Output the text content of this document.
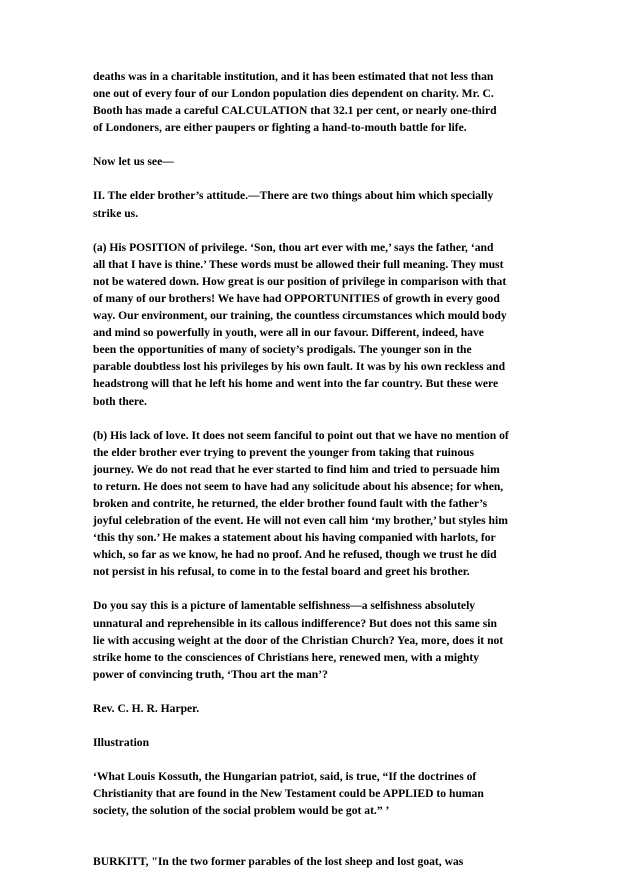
deaths was in a charitable institution, and it has been estimated that not less than
one out of every four of our London population dies dependent on charity. Mr. C.
Booth has made a careful CALCULATION that 32.1 per cent, or nearly one-third
of Londoners, are either paupers or fighting a hand-to-mouth battle for life.
Now let us see—
II. The elder brother’s attitude.—There are two things about him which specially
strike us.
(a) His POSITION of privilege. ‘Son, thou art ever with me,’ says the father, ‘and
all that I have is thine.’ These words must be allowed their full meaning. They must
not be watered down. How great is our position of privilege in comparison with that
of many of our brothers! We have had OPPORTUNITIES of growth in every good
way. Our environment, our training, the countless circumstances which mould body
and mind so powerfully in youth, were all in our favour. Different, indeed, have
been the opportunities of many of society’s prodigals. The younger son in the
parable doubtless lost his privileges by his own fault. It was by his own reckless and
headstrong will that he left his home and went into the far country. But these were
both there.
(b) His lack of love. It does not seem fanciful to point out that we have no mention of
the elder brother ever trying to prevent the younger from taking that ruinous
journey. We do not read that he ever started to find him and tried to persuade him
to return. He does not seem to have had any solicitude about his absence; for when,
broken and contrite, he returned, the elder brother found fault with the father’s
joyful celebration of the event. He will not even call him ‘my brother,’ but styles him
‘this thy son.’ He makes a statement about his having companied with harlots, for
which, so far as we know, he had no proof. And he refused, though we trust he did
not persist in his refusal, to come in to the festal board and greet his brother.
Do you say this is a picture of lamentable selfishness—a selfishness absolutely
unnatural and reprehensible in its callous indifference? But does not this same sin
lie with accusing weight at the door of the Christian Church? Yea, more, does it not
strike home to the consciences of Christians here, renewed men, with a mighty
power of convincing truth, ‘Thou art the man’?
Rev. C. H. R. Harper.
Illustration
‘What Louis Kossuth, the Hungarian patriot, said, is true, “If the doctrines of
Christianity that are found in the New Testament could be APPLIED to human
society, the solution of the social problem would be got at.” ’
BURKITT, "In the two former parables of the lost sheep and lost goat, was
